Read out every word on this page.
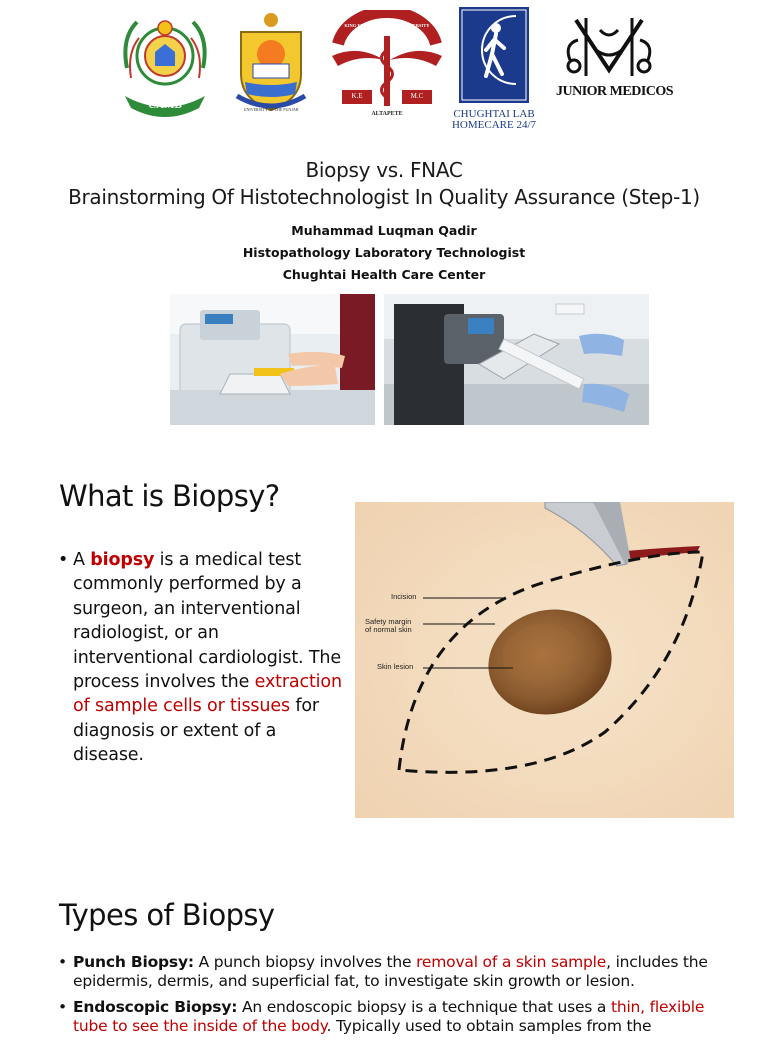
CAMB	UNIVERSITY OF THE PUNJAB
KING EDWARD MEDICAL UNIVERSITY
K.E	M.C
ALTAPETE	CHUGHTAI LAB
HOMECARE 24/7
JUNIOR MEDICOS
Biopsy vs. FNAC
Brainstorming Of Histotechnologist In Quality Assurance (Step-1)
Muhammad Luqman Qadir
Histopathology Laboratory Technologist
Chughtai Health Care Center
What is Biopsy?
• A biopsy is a medical test commonly performed by a surgeon, an interventional radiologist, or an interventional cardiologist. The process involves the extraction of sample cells or tissues for diagnosis or extent of a disease.
Incision
Safety margin
of normal skin
Skin lesion
Types of Biopsy
• Punch Biopsy: A punch biopsy involves the removal of a skin sample, includes the epidermis, dermis, and superficial fat, to investigate skin growth or lesion.
• Endoscopic Biopsy: An endoscopic biopsy is a technique that uses a thin, flexible tube to see the inside of the body. Typically used to obtain samples from the
